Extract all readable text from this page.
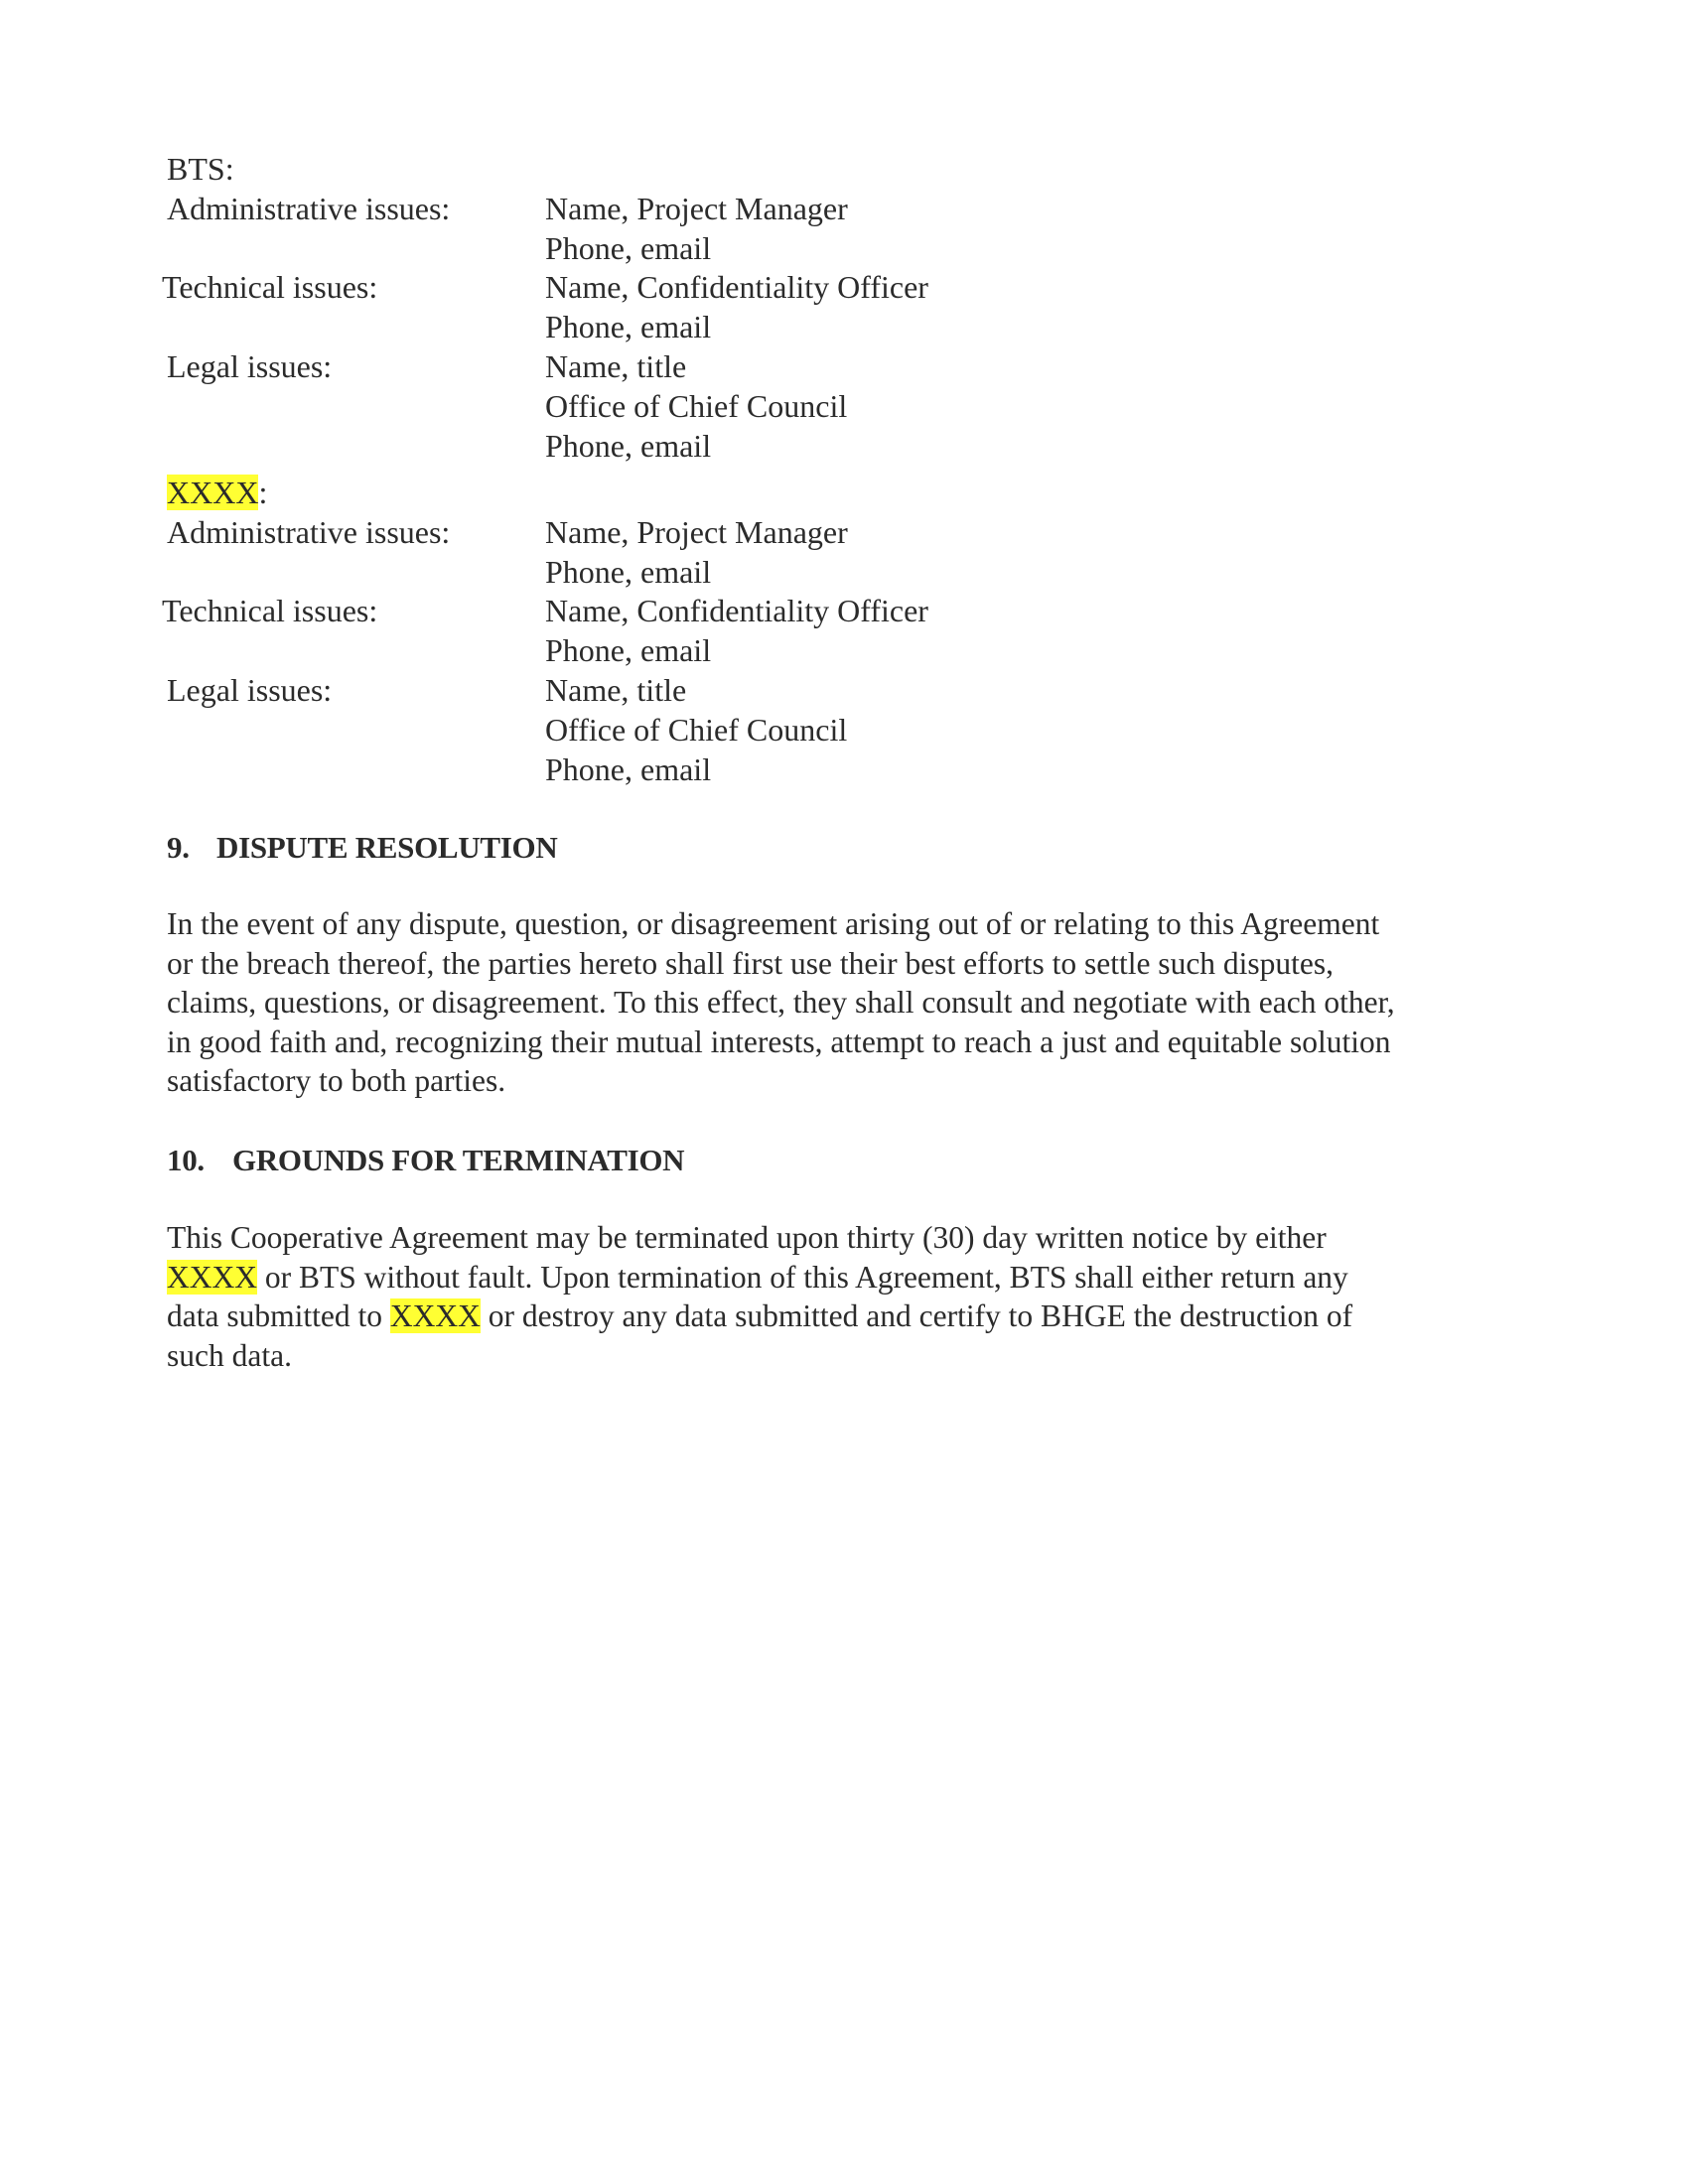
BTS:
Administrative issues:	Name, Project Manager
Phone, email
Technical issues:	Name, Confidentiality Officer
Phone, email
Legal issues:	Name, title
Office of Chief Council
Phone, email
XXXX:
Administrative issues:	Name, Project Manager
Phone, email
Technical issues:	Name, Confidentiality Officer
Phone, email
Legal issues:	Name, title
Office of Chief Council
Phone, email
9. DISPUTE RESOLUTION
In the event of any dispute, question, or disagreement arising out of or relating to this Agreement
or the breach thereof, the parties hereto shall first use their best efforts to settle such disputes,
claims, questions, or disagreement. To this effect, they shall consult and negotiate with each other,
in good faith and, recognizing their mutual interests, attempt to reach a just and equitable solution
satisfactory to both parties.
10. GROUNDS FOR TERMINATION
This Cooperative Agreement may be terminated upon thirty (30) day written notice by either
XXXX or BTS without fault. Upon termination of this Agreement, BTS shall either return any
data submitted to XXXX or destroy any data submitted and certify to BHGE the destruction of
such data.
